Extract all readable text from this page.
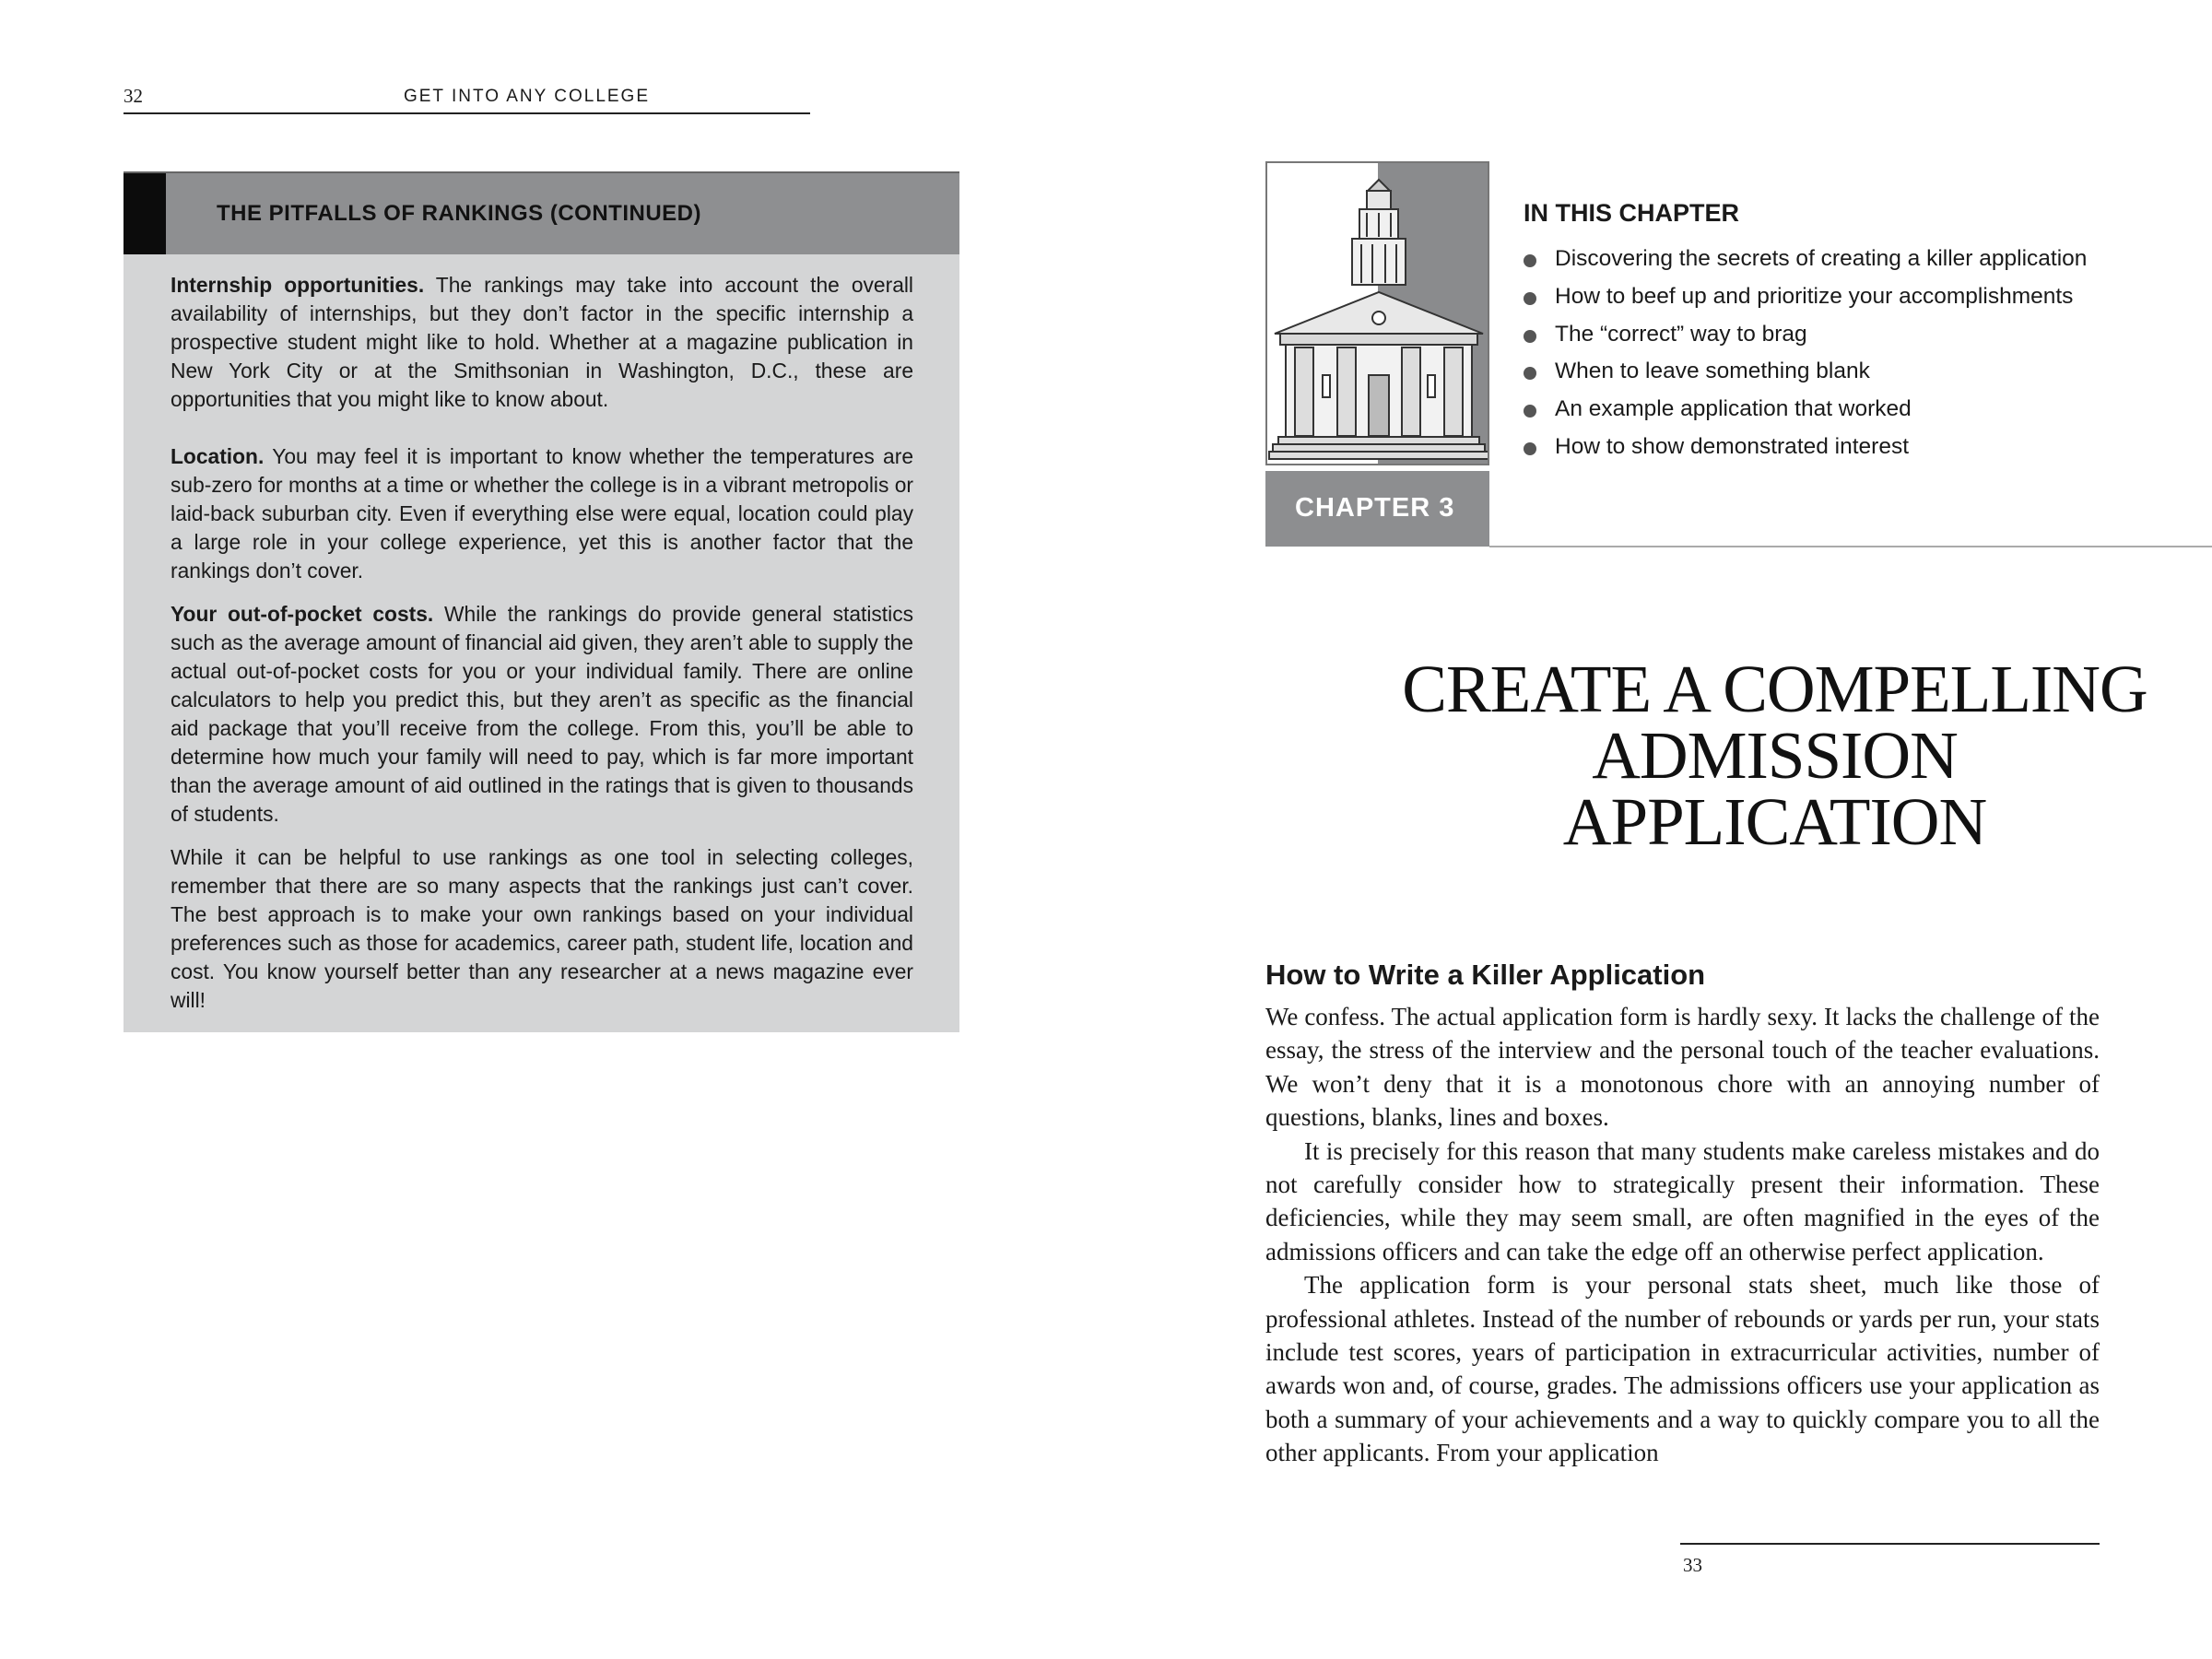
32	GET INTO ANY COLLEGE
THE PITFALLS OF RANKINGS (CONTINUED)

Internship opportunities. The rankings may take into account the overall availability of internships, but they don’t factor in the specific internship a prospective student might like to hold. Whether at a magazine publication in New York City or at the Smithsonian in Washington, D.C., these are opportunities that you might like to know about.

Location. You may feel it is important to know whether the temperatures are sub-zero for months at a time or whether the college is in a vibrant metropolis or laid-back suburban city. Even if everything else were equal, location could play a large role in your college experience, yet this is another factor that the rankings don’t cover.

Your out-of-pocket costs. While the rankings do provide general statistics such as the average amount of financial aid given, they aren’t able to supply the actual out-of-pocket costs for you or your individual family. There are online calculators to help you predict this, but they aren’t as specific as the financial aid package that you’ll receive from the college. From this, you’ll be able to determine how much your family will need to pay, which is far more important than the average amount of aid outlined in the ratings that is given to thousands of students.

While it can be helpful to use rankings as one tool in selecting colleges, remember that there are so many aspects that the rankings just can’t cover. The best approach is to make your own rankings based on your individual preferences such as those for academics, career path, student life, location and cost. You know yourself better than any researcher at a news magazine ever will!

CHAPTER 3
IN THIS CHAPTER
Discovering the secrets of creating a killer application
How to beef up and prioritize your accomplishments
The “correct” way to brag
When to leave something blank
An example application that worked
How to show demonstrated interest
CREATE A COMPELLING
ADMISSION
APPLICATION
How to Write a Killer Application

We confess. The actual application form is hardly sexy. It lacks the challenge of the essay, the stress of the interview and the personal touch of the teacher evaluations. We won’t deny that it is a monotonous chore with an annoying number of questions, blanks, lines and boxes.

It is precisely for this reason that many students make careless mistakes and do not carefully consider how to strategically present their information. These deficiencies, while they may seem small, are often magnified in the eyes of the admissions officers and can take the edge off an otherwise perfect application.

The application form is your personal stats sheet, much like those of professional athletes. Instead of the number of rebounds or yards per run, your stats include test scores, years of participation in extracurricular activities, number of awards won and, of course, grades. The admissions officers use your application as both a summary of your achievements and a way to quickly compare you to all the other applicants. From your application

33
